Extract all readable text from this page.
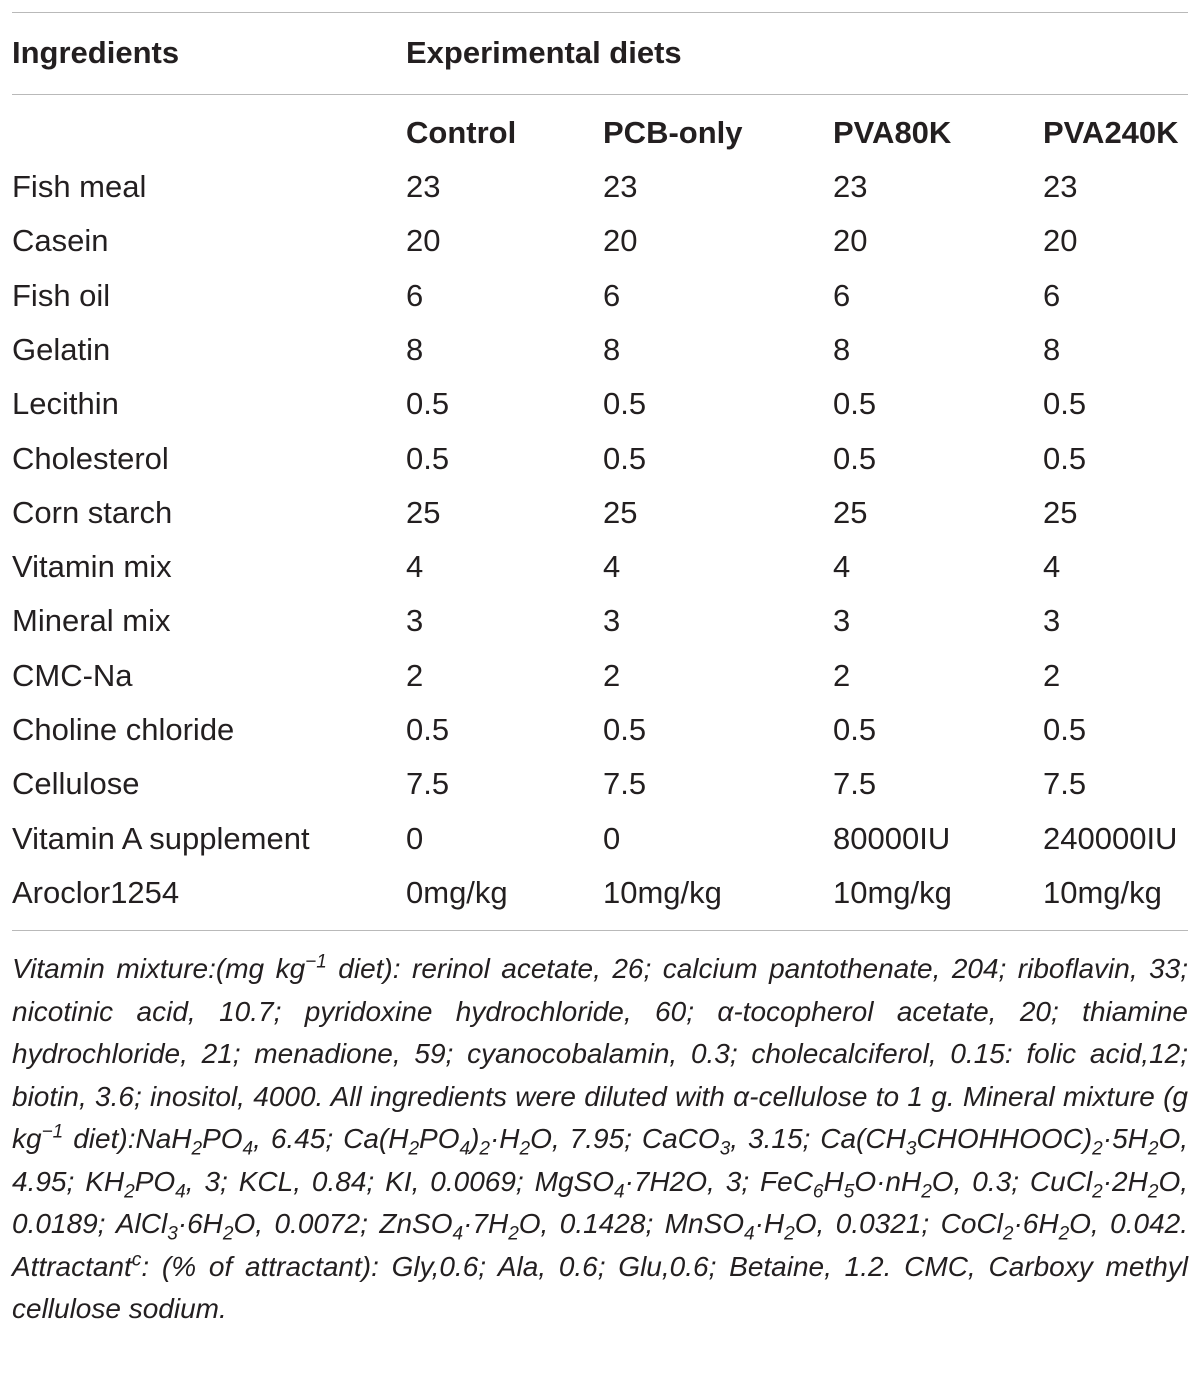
Ingredients	Experimental diets
Control	PCB-only	PVA80K	PVA240K
Fish meal	23	23	23	23
Casein	20	20	20	20
Fish oil	6	6	6	6
Gelatin	8	8	8	8
Lecithin	0.5	0.5	0.5	0.5
Cholesterol	0.5	0.5	0.5	0.5
Corn starch	25	25	25	25
Vitamin mix	4	4	4	4
Mineral mix	3	3	3	3
CMC-Na	2	2	2	2
Choline chloride	0.5	0.5	0.5	0.5
Cellulose	7.5	7.5	7.5	7.5
Vitamin A supplement	0	0	80000IU	240000IU
Aroclor1254	0mg/kg	10mg/kg	10mg/kg	10mg/kg
Vitamin mixture:(mg $kg^{-1}$ diet): rerinol acetate, 26; calcium pantothenate, 204; riboflavin, 33; nicotinic acid, 10.7; pyridoxine hydrochloride, 60; α-tocopherol acetate, 20; thiamine hydrochloride, 21; menadione, 59; cyanocobalamin, 0.3; cholecalciferol, 0.15: folic acid,12; biotin, 3.6; inositol, 4000. All ingredients were diluted with α-cellulose to 1 g. Mineral mixture (g $kg^{-1}$ $diet):NaH_2PO_4$, 6.45; $Ca(H_2PO_4)_2\cdot H_2O$, 7.95; CaCO$_3$, 3.15; $Ca(CH_3CHOHHOOC)_2\cdot 5H_2O$, 4.95; $KH_2PO_4$, 3; KCL, 0.84; KI, 0.0069; MgSO$_4$·7H2O, 3; $FeC_6H_5O\cdot nH_2O$, 0.3; $CuCl_2\cdot 2H_2O$, 0.0189; $AlCl_3\cdot 6H_2O$, 0.0072; $ZnSO_4\cdot 7H_2O$, 0.1428; $MnSO_4\cdot H_2O$, 0.0321; $CoCl_2\cdot 6H_2O$, 0.042. Attractant$^c$: (% of attractant): Gly,0.6; Ala, 0.6; Glu,0.6; Betaine, 1.2. CMC, Carboxy methyl cellulose sodium.
